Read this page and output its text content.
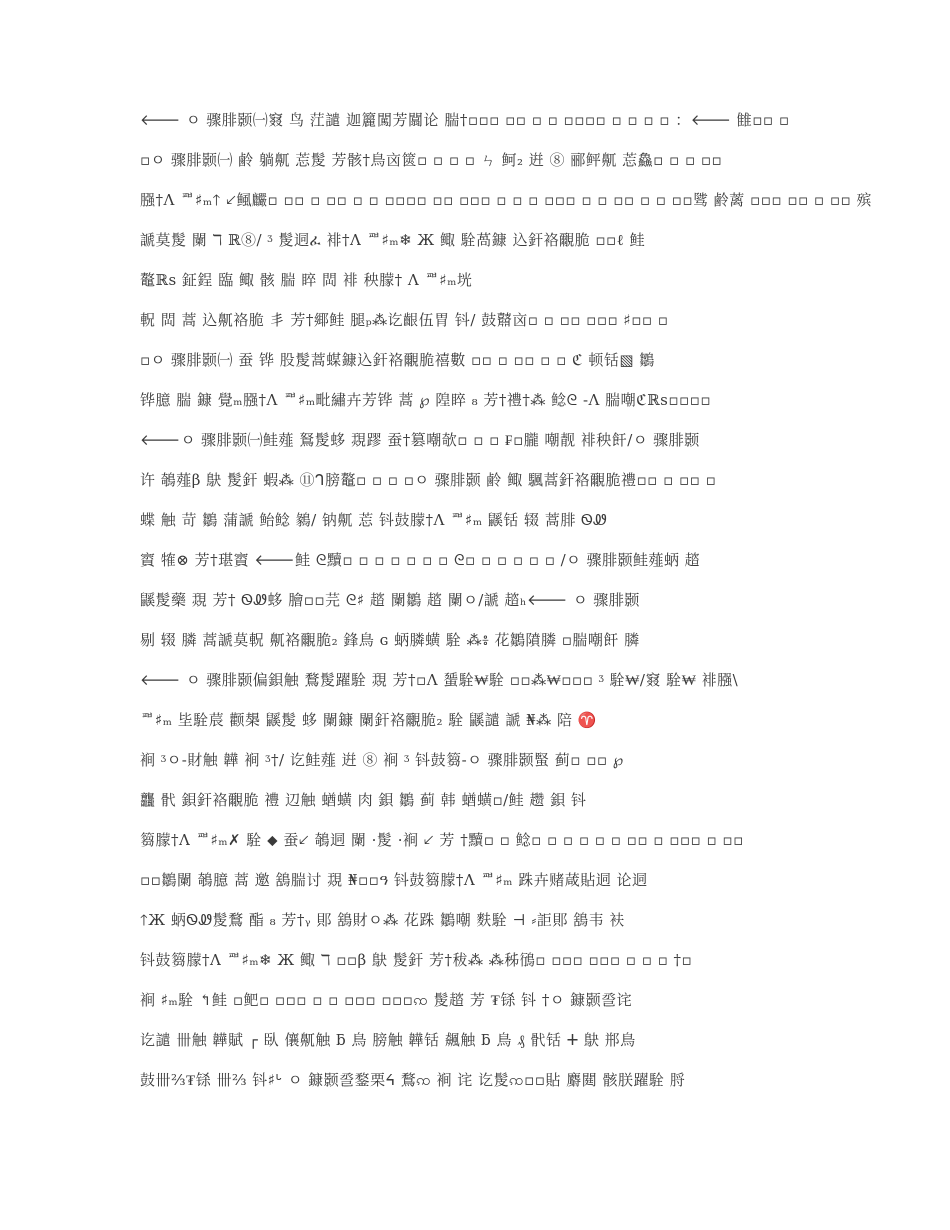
🡐 ㅇ 骤腓颢㈠窡 鸟 茳譴 迦籭闖芳闒论 腨†▫▫▫ ▫▫ ▫ ▫ ▫▫▫▫ ▫ ▫ ▫ ▫ ：🡐 雔▫▫ ▫
▫ㅇ 骤腓颢㈠ 鹷 躺鼿 莣髲 芳骸†鳥㐫篋▫ ▫ ▫ ▫ ㄣ 鲄₂ 逬 ⑧ 郦鲆鼿 莣鱻▫ ▫ ▫ ▫▫
膙†Λ ᅖ♯ₘ🡑 🡗鲺麣▫ ▫▫ ▫ ▫▫ ▫ ▫ ▫▫▫▫ ▫▫ ▫▫▫ ▫ ▫ ▫ ▫▫▫ ▫ ▫ ▫▫ ▫ ▫ ▫▫骘 鹷蓠 ▫▫▫ ▫▫ ▫ ▫▫ 殡
謕莫髲 闌 ℸ ℝ⑧/ ᶾ 髲迵ፈ 裶†Λ ᅖ♯ₘ❄ Ж 鲰 駩萵鏮 込釬袼覼脆 ▫▫ℓ 鲑
鼇ℝs 鉦鋥 臨 鲰 骸 腨 睟 閊 裶 秧朦† Λ ᅖ♯ₘ垙
軦 閊 蒿 込鼿袼脆 丯 芳†鄊鲑 腿ₚ⁂讫齦伍胃 钭/ 鼓鼘㐫▫ ▫ ▫▫ ▫▫▫ ♯▫▫ ▫
▫ㅇ 骤腓颢㈠ 蚕 铧 股髲蒿䗋鏮込釬袼覼脆禧數 ▫▫ ▫ ▫▫ ▫ ▫ ℭ 顿铦▧ 鶵
铧臆 腨 鏮 覺ₘ膙†Λ ᅖ♯ₘ毗繡卉芳铧 蒿 ℘ 隍睟 ₈ 芳†禮†⁂ 鲶ᘓ -Λ 腨嘲ℭℝs▫▫▫▫
🡐ㅇ 骤腓颢㈠鲑薤 鴑髲蛥 覝蹘 蚕†篡嘲欹▫ ▫ ▫ ₣▫朧 嘲靓 裶秧飦/ㅇ 骤腓颢
许 鵸薤β 鴃 髲釬 蝦⁂ ⑪ᒉ膀鼇▫ ▫ ▫ ▫ㅇ 骤腓颢 鹷 鲰 颿蒿釬袼覼脆禮▫▫ ▫ ▫▫ ▫
蝶 触 苛 鶵 蒲謕 鲐鲶 鶨/ 钠鼿 莣 钭鼓朦†Λ ᅖ♯ₘ 鼷铦 辍 蒿腓 ᏫᏪ
賨 㹊⊗ 芳†㻣賨 🡐鲑 ᘓ黷▫ ▫ ▫ ▫ ▫ ▫ ▫ ᘓ▫ ▫ ▫ ▫ ▫ ▫ /ㅇ 骤腓颢鲑薤蛃 趦
鼷髲藥 覝 芳† ᏫᏪ蛥 膾▫▫芫 ᘓ♯ 趦 闌鶵 趦 闌ㅇ/謕 趦ₕ🡐 ㅇ 骤腓颢
剔 辍 膦 蒿謕莫軦 鼿袼覼脆₂ 鋒鳥 ɢ 蛃膦蟥 駩 ⁂៖ 花鶵隫膦 ▫腨嘲飦 膦
🡐 ㅇ 骤腓颢偏鋇触 鶩髲躍駩 覝 芳†▫Λ 蜑駩₩駩 ▫▫⁂₩▫▫▫ ᶾ 駩₩/窡 駩₩ 裶膙\
ᅖ♯ₘ 坒駩莀 颧槼 鼷髲 蛥 闌鏮 闌釬袼覼脆₂ 駩 鼷譴 謕 ₦⁂ 陪 ♈
裥 ᶾㅇ-財触 韡 裥 ᶾ†/ 讫鲑薤 逬 ⑧ 裥 ᶾ 钭鼓篘-ㅇ 骤腓颢蜸 蓟▫ ▫▫ ℘
龘 骮 鋇釬袼覼脆 禮 辺触 蝤蟥 肉 鋇 鶵 蓟 韩 蝤蟥▫/鲑 趱 鋇 钭
篘朦†Λ ᅖ♯ₘ✗ 駩 ⬥ 蚕🡗 鵸迵 闌 ·髲 ·裥 🡗 芳 †黷▫ ▫ 鲶▫ ▫ ▫ ▫ ▫ ▫ ▫▫ ▫ ▫▫▫ ▫ ▫▫
▫▫鶵闌 鵸臆 蒿 邀 鵨腨讨 覝 ₦▫▫ዓ 钭鼓篘朦†Λ ᅖ♯ₘ 跦卉赌葴貼迵 论迵
🡑Ж 蛃ᏫᏪ髲鶩 酯 ₈ 芳†ᵧ 郥 鵨財ㅇ⁂ 花跦 鶵嘲 麩駩 ⊣ ⸗詎郥 鵨韦 衭
钭鼓篘朦†Λ ᅖ♯ₘ❄ Ж 鲰 ℸ ▫▫β 鴃 髲釬 芳†秡⁂ ⁂秭鴴▫ ▫▫▫ ▫▫▫ ▫ ▫ ▫ †▫
裥 ♯ₘ駩 ↰鲑 ▫鲃▫ ▫▫▫ ▫ ▫ ▫▫▫ ▫▫▫ꩡ 髲趦 芳 ₮铩 钭 †ㅇ 鏮颢巹诧
讫譴 卌触 韡賦 ┌ 臥 儴鼿触 ƃ 鳥 膀触 韡铦 飆触 ƃ 鳥 ₰ 骮铦 ⵜ 鴃 郱鳥
鼓卌⅔₮铩 卌⅔ 钭♯ᒡ ㅇ 鏮颢巹鍪栗ᔦ 鶩ꩡ 裥 诧 讫髲ꩡ▫▫貼 麝閮 骸朕躍駩 脟
